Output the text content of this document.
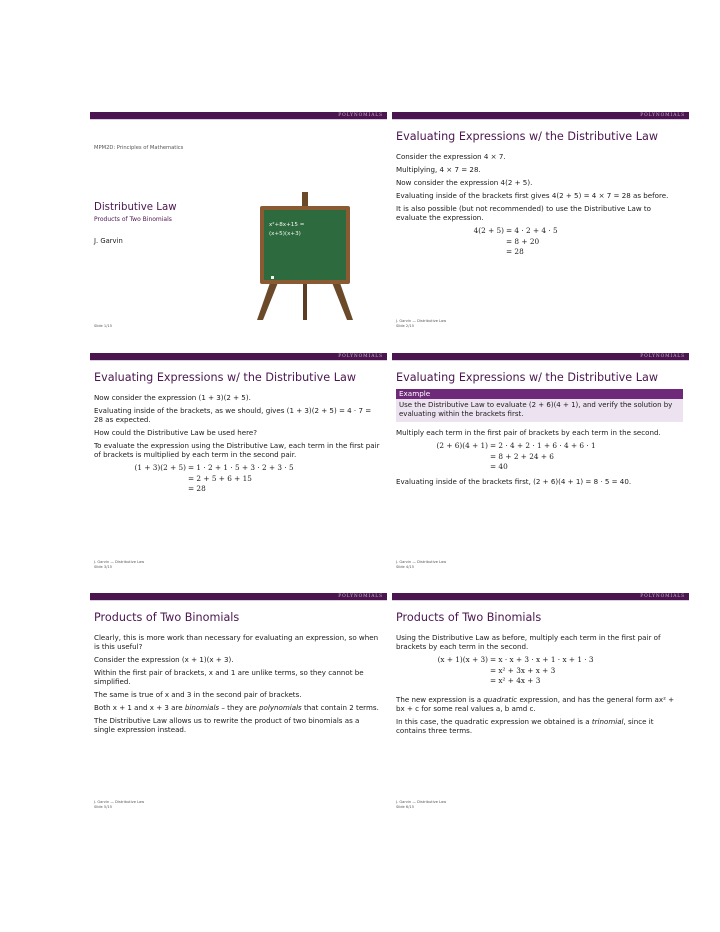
POLYNOMIALS
MPM2D: Principles of Mathematics
Distributive Law
Products of Two Binomials
J. Garvin
x²+8x+15 =
(x+5)(x+3)
Slide 1/15
POLYNOMIALS
Evaluating Expressions w/ the Distributive Law

Consider the expression 4 × 7.

Multiplying, 4 × 7 = 28.

Now consider the expression 4(2 + 5).

Evaluating inside of the brackets first gives 4(2 + 5) = 4 × 7 = 28 as before.

It is also possible (but not recommended) to use the Distributive Law to evaluate the expression.

4(2 + 5) = 4 · 2 + 4 · 5
= 8 + 20
= 28
J. Garvin — Distributive Law
Slide 2/15
POLYNOMIALS
Evaluating Expressions w/ the Distributive Law

Now consider the expression (1 + 3)(2 + 5).

Evaluating inside of the brackets, as we should, gives (1 + 3)(2 + 5) = 4 · 7 = 28 as expected.

How could the Distributive Law be used here?

To evaluate the expression using the Distributive Law, each term in the first pair of brackets is multiplied by each term in the second pair.

(1 + 3)(2 + 5) = 1 · 2 + 1 · 5 + 3 · 2 + 3 · 5
= 2 + 5 + 6 + 15
= 28
J. Garvin — Distributive Law
Slide 3/15
POLYNOMIALS
Evaluating Expressions w/ the Distributive Law
Example
Use the Distributive Law to evaluate (2 + 6)(4 + 1), and verify the solution by evaluating within the brackets first.

Multiply each term in the first pair of brackets by each term in the second.

(2 + 6)(4 + 1) = 2 · 4 + 2 · 1 + 6 · 4 + 6 · 1
= 8 + 2 + 24 + 6
= 40

Evaluating inside of the brackets first, (2 + 6)(4 + 1) = 8 · 5 = 40.

J. Garvin — Distributive Law
Slide 4/15
POLYNOMIALS
Products of Two Binomials

Clearly, this is more work than necessary for evaluating an expression, so when is this useful?

Consider the expression (x + 1)(x + 3).

Within the first pair of brackets, x and 1 are unlike terms, so they cannot be simplified.

The same is true of x and 3 in the second pair of brackets.

Both x + 1 and x + 3 are binomials – they are polynomials that contain 2 terms.

The Distributive Law allows us to rewrite the product of two binomials as a single expression instead.

J. Garvin — Distributive Law
Slide 5/15
POLYNOMIALS
Products of Two Binomials

Using the Distributive Law as before, multiply each term in the first pair of brackets by each term in the second.

(x + 1)(x + 3) = x · x + 3 · x + 1 · x + 1 · 3
= x² + 3x + x + 3
= x² + 4x + 3

The new expression is a quadratic expression, and has the general form ax² + bx + c for some real values a, b amd c.

In this case, the quadratic expression we obtained is a trinomial, since it contains three terms.

J. Garvin — Distributive Law
Slide 6/15
